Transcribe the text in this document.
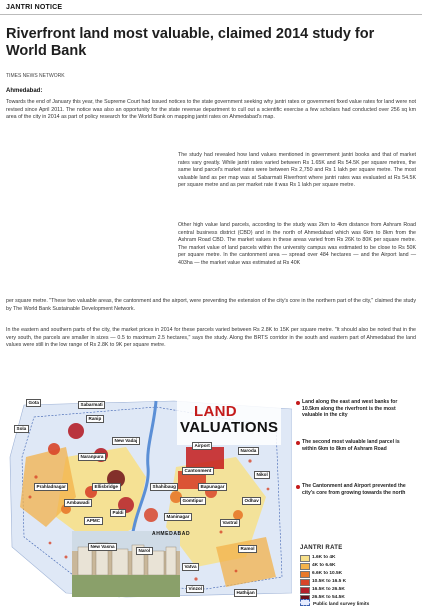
JANTRI NOTICE
Riverfront land most valuable, claimed 2014 study for World Bank
TIMES NEWS NETWORK
Ahmedabad:

Towards the end of January this year, the Supreme Court had issued notices to the state government seeking why jantri rates or government fixed value rates for land were not revised since April 2011. The notice was also an opportunity for the state revenue department to cull out a scientific exercise a few scholars had conducted over 256 sq km area of the city in 2014 as part of policy research for the World Bank on mapping jantri rates on Ahmedabad's map.

The study had revealed how land values mentioned in government jantri books and that of market rates vary greatly. While jantri rates varied between Rs 1.65K and Rs 54.5K per square metres, the same land parcel's market rates were between Rs 2,750 and Rs 1 lakh per square metre. The most valuable land as per map was at Sabarmati Riverfront where jantri rates was evaluated at Rs 54.5K per square metre and as per market rate it was Rs 1 lakh per square metre.

Other high value land parcels, according to the study was 2km to 4km distance from Ashram Road central business district (CBD) and in the north of Ahmedabad which was 6km to 8km from the Ashram Road CBD. The market values in these areas varied from Rs 26K to 80K per square metre. The market value of land parcels within the university campus was estimated to be close to Rs 50K per square metre. In the cantonment area — spread over 484 hectares — and the Airport land — 403ha — the market value was estimated at Rs 40K

per square metre. "These two valuable areas, the cantonment and the airport, were preventing the extension of the city's core in the northern part of the city," claimed the study by The World Bank Sustainable Development Network.

In the eastern and southern parts of the city, the market prices in 2014 for these parcels varied between Rs 2.8K to 15K per square metre. "It should also be noted that in the very south, the parcels are smaller in sizes — 0.5 to maximum 2.5 hectares," says the study. Along the BRTS corridor in the south and eastern part of Ahmedabad the land values were still in the low range of Rs 2.8K to 9K per square metre.

LAND
VALUATIONS
Gota	Sabarmati
Ranip
Sola
Airport
Naroda
New Vadaj
Naranpura
Cantonment
Nikol
Prahladnagar	Ellisbridge	Shahibaug	Bapunagar
Ambawadi	Gomtipur	Odhav
Paldi
APMC
Maninagar
Vastral
New Vasna
Narol	Ramol
Vatva
Vinzol
Hathijan
AHMEDABAD
Land along the east and west banks for 10.5km along the riverfront is the most valuable in the city
The second most valuable land parcel is within 6km to 8km of Ashram Road
The Cantonment and Airport prevented the city's core from growing towards the north
JANTRI RATE
1.6K to 4K
4K to 6.6K
6.6K to 10.5K
10.5K to 16.5 K
16.5K to 26.5K
26.5K to 54.5K
Public land survey limits
